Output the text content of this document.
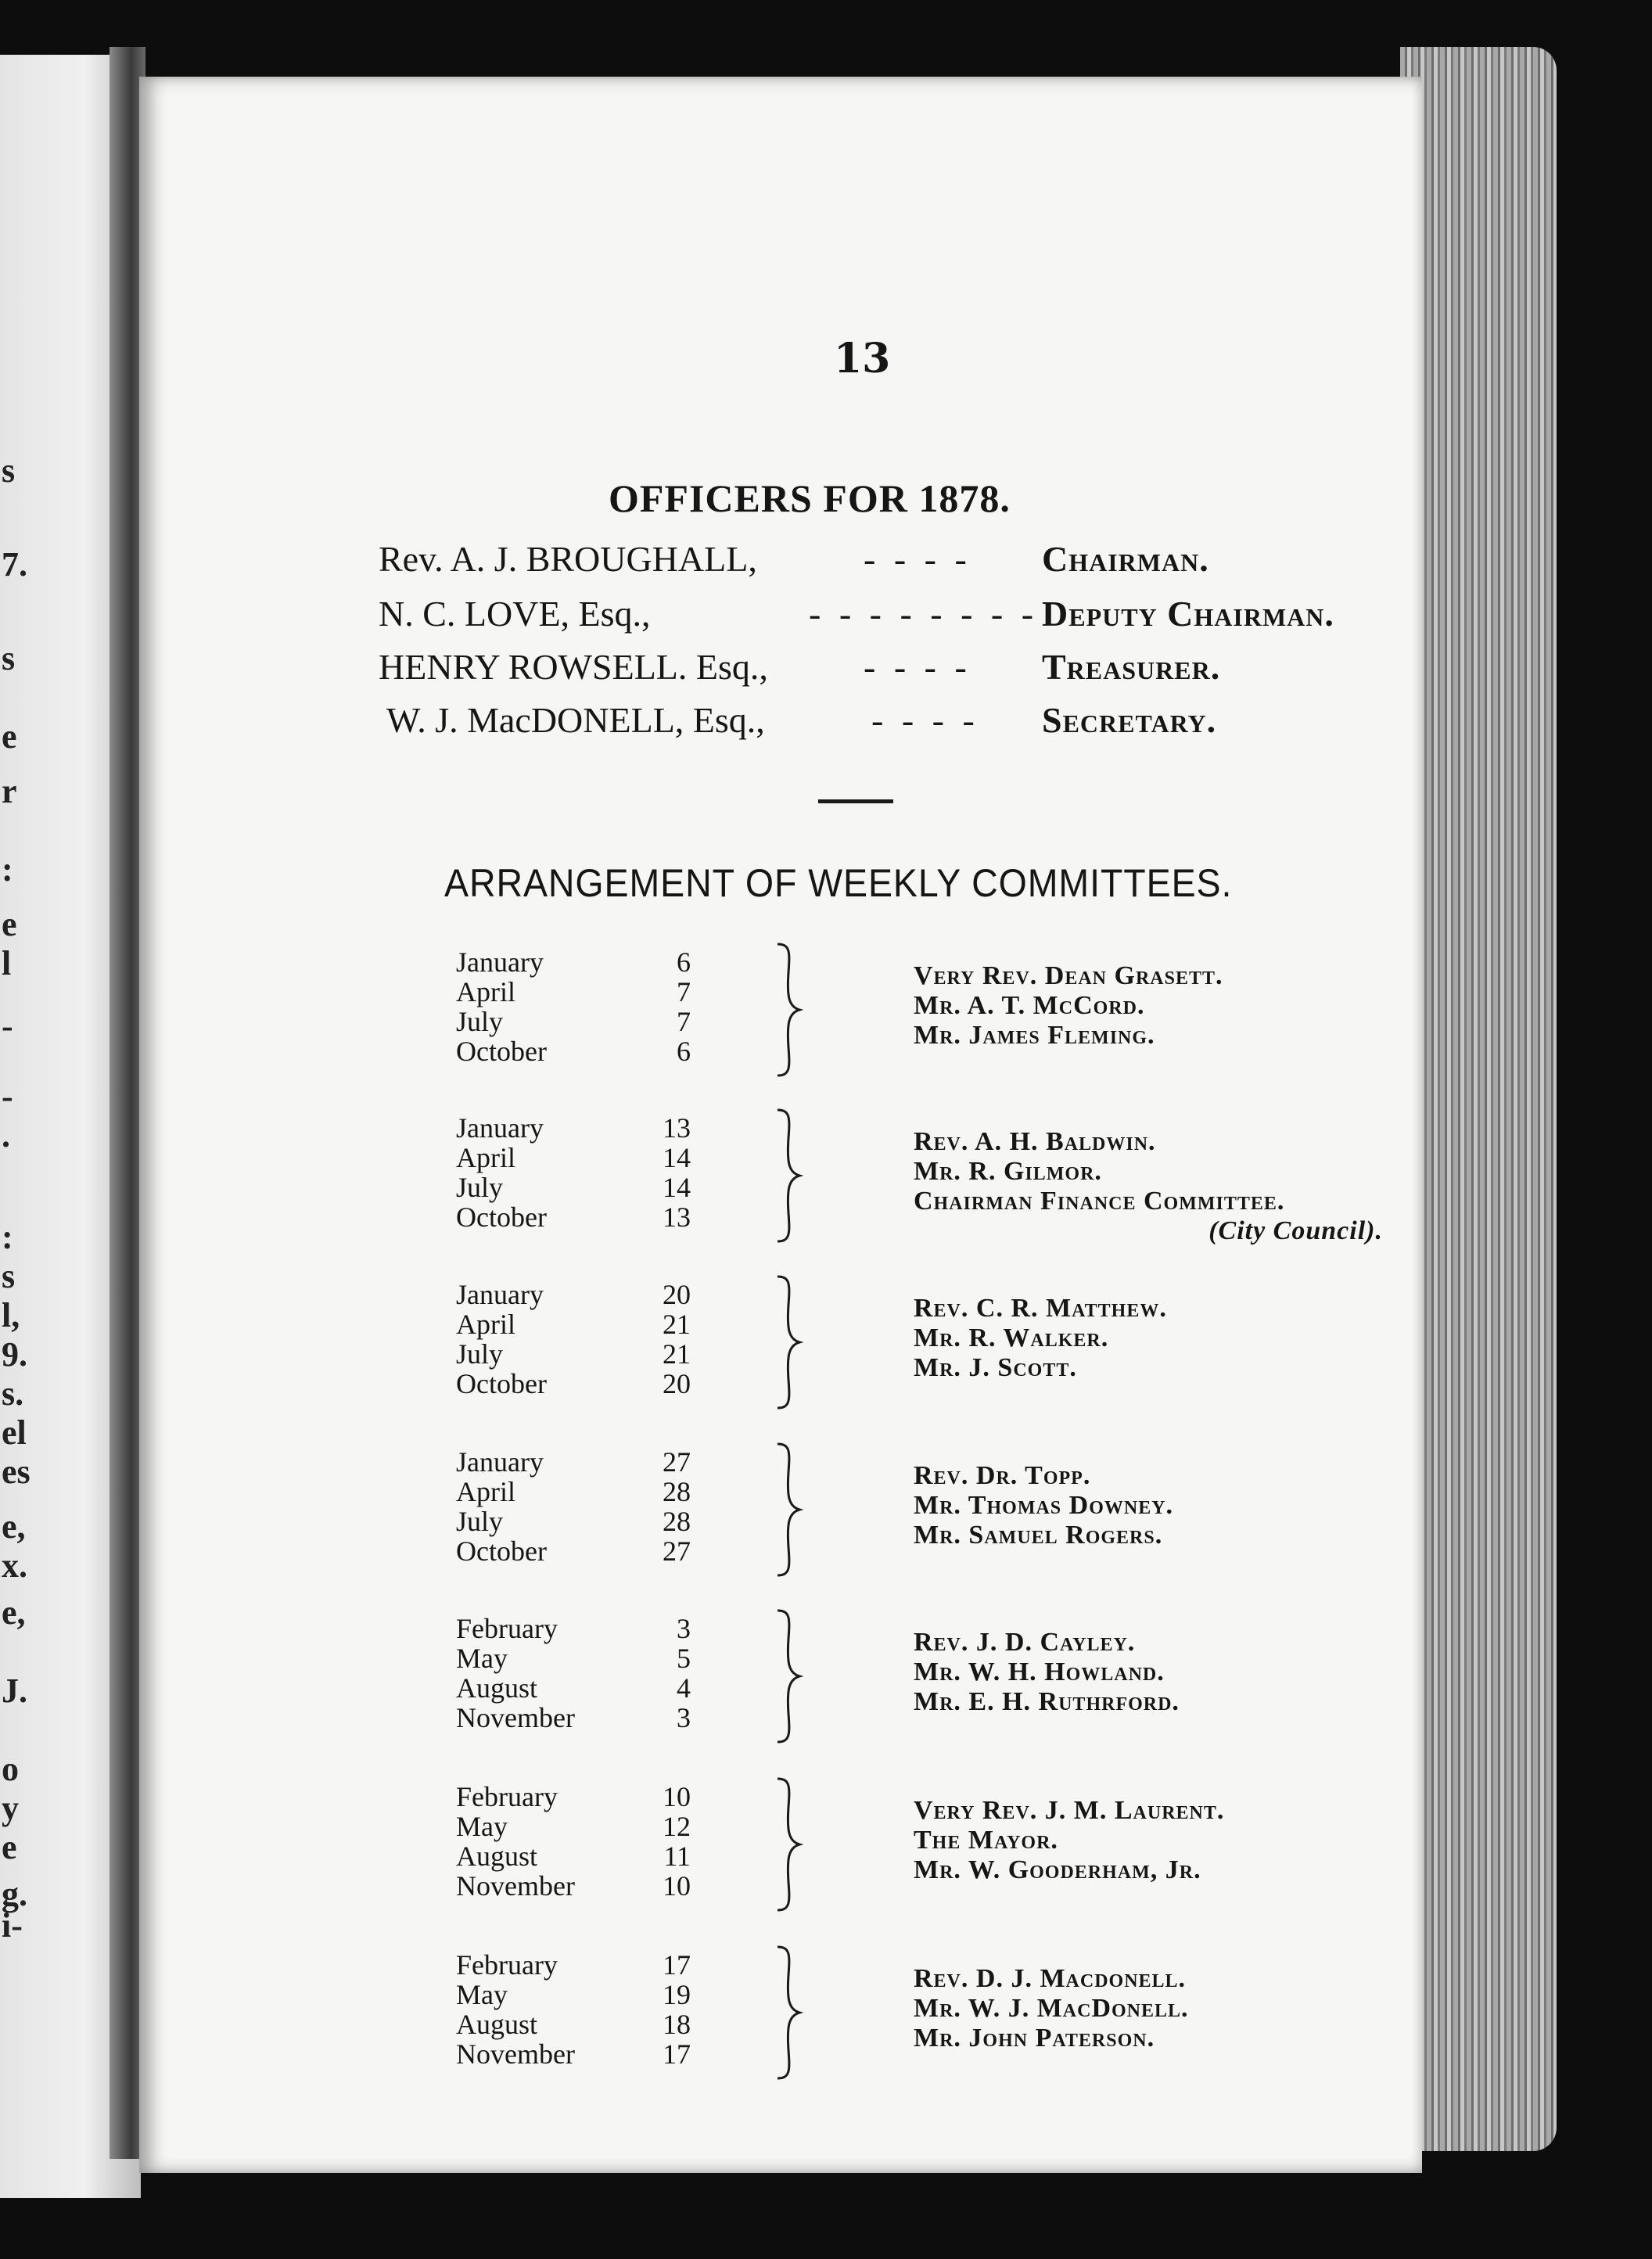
s
7.
s
e
r
:
e
l
-
-
.
:
s
l,
9.
s.
el
es
e,
x.
e,
J.
o
y
e
g.
i-
13
OFFICERS FOR 1878.
Rev. A. J. BROUGHALL,	- - - - Chairman.
N. C. LOVE, Esq.,	- - - - - - - - Deputy Chairman.
HENRY ROWSELL. Esq.,	- - - - Treasurer.
W. J. MacDONELL, Esq.,	- - - - Secretary.
ARRANGEMENT OF WEEKLY COMMITTEES.
January	6
April	7
July	7
October	6
Very Rev. Dean Grasett.
Mr. A. T. McCord.
Mr. James Fleming.
January	13
April	14
July	14
October	13
Rev. A. H. Baldwin.
Mr. R. Gilmor.
Chairman Finance Committee.
(City Council).
January	20
April	21
July	21
October	20
Rev. C. R. Matthew.
Mr. R. Walker.
Mr. J. Scott.
January	27
April	28
July	28
October	27
Rev. Dr. Topp.
Mr. Thomas Downey.
Mr. Samuel Rogers.
February	3
May	5
August	4
November	3
Rev. J. D. Cayley.
Mr. W. H. Howland.
Mr. E. H. Ruthrford.
February	10
May	12
August	11
November	10
Very Rev. J. M. Laurent.
The Mayor.
Mr. W. Gooderham, Jr.
February	17
May	19
August	18
November	17
Rev. D. J. Macdonell.
Mr. W. J. MacDonell.
Mr. John Paterson.
